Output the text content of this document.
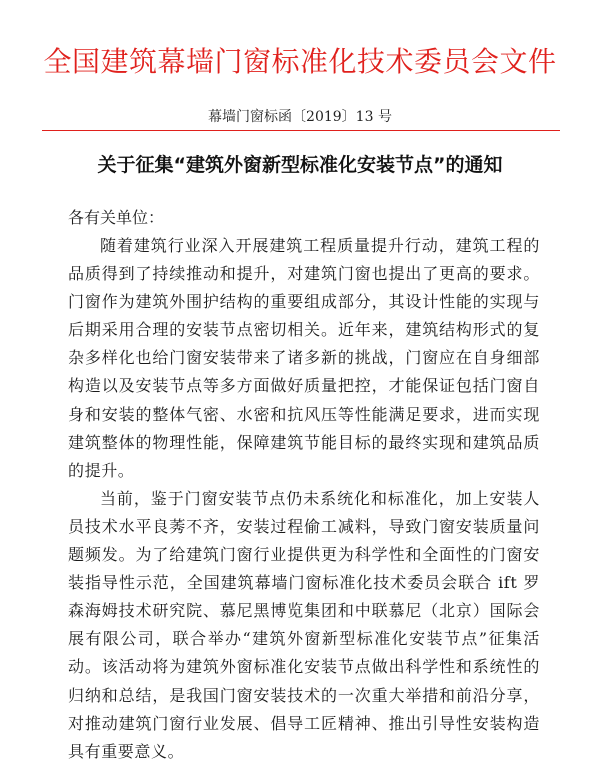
全国建筑幕墙门窗标准化技术委员会文件
幕墙门窗标函〔2019〕13 号
关于征集“建筑外窗新型标准化安装节点”的通知
各有关单位：

随着建筑行业深入开展建筑工程质量提升行动，建筑工程的品质得到了持续推动和提升，对建筑门窗也提出了更高的要求。门窗作为建筑外围护结构的重要组成部分，其设计性能的实现与后期采用合理的安装节点密切相关。近年来，建筑结构形式的复杂多样化也给门窗安装带来了诸多新的挑战，门窗应在自身细部构造以及安装节点等多方面做好质量把控，才能保证包括门窗自身和安装的整体气密、水密和抗风压等性能满足要求，进而实现建筑整体的物理性能，保障建筑节能目标的最终实现和建筑品质的提升。

当前，鉴于门窗安装节点仍未系统化和标准化，加上安装人员技术水平良莠不齐，安装过程偷工减料，导致门窗安装质量问题频发。为了给建筑门窗行业提供更为科学性和全面性的门窗安装指导性示范，全国建筑幕墙门窗标准化技术委员会联合 ift 罗森海姆技术研究院、慕尼黑博览集团和中联慕尼（北京）国际会展有限公司，联合举办“建筑外窗新型标准化安装节点”征集活动。该活动将为建筑外窗标准化安装节点做出科学性和系统性的归纳和总结，是我国门窗安装技术的一次重大举措和前沿分享，对推动建筑门窗行业发展、倡导工匠精神、推出引导性安装构造具有重要意义。
